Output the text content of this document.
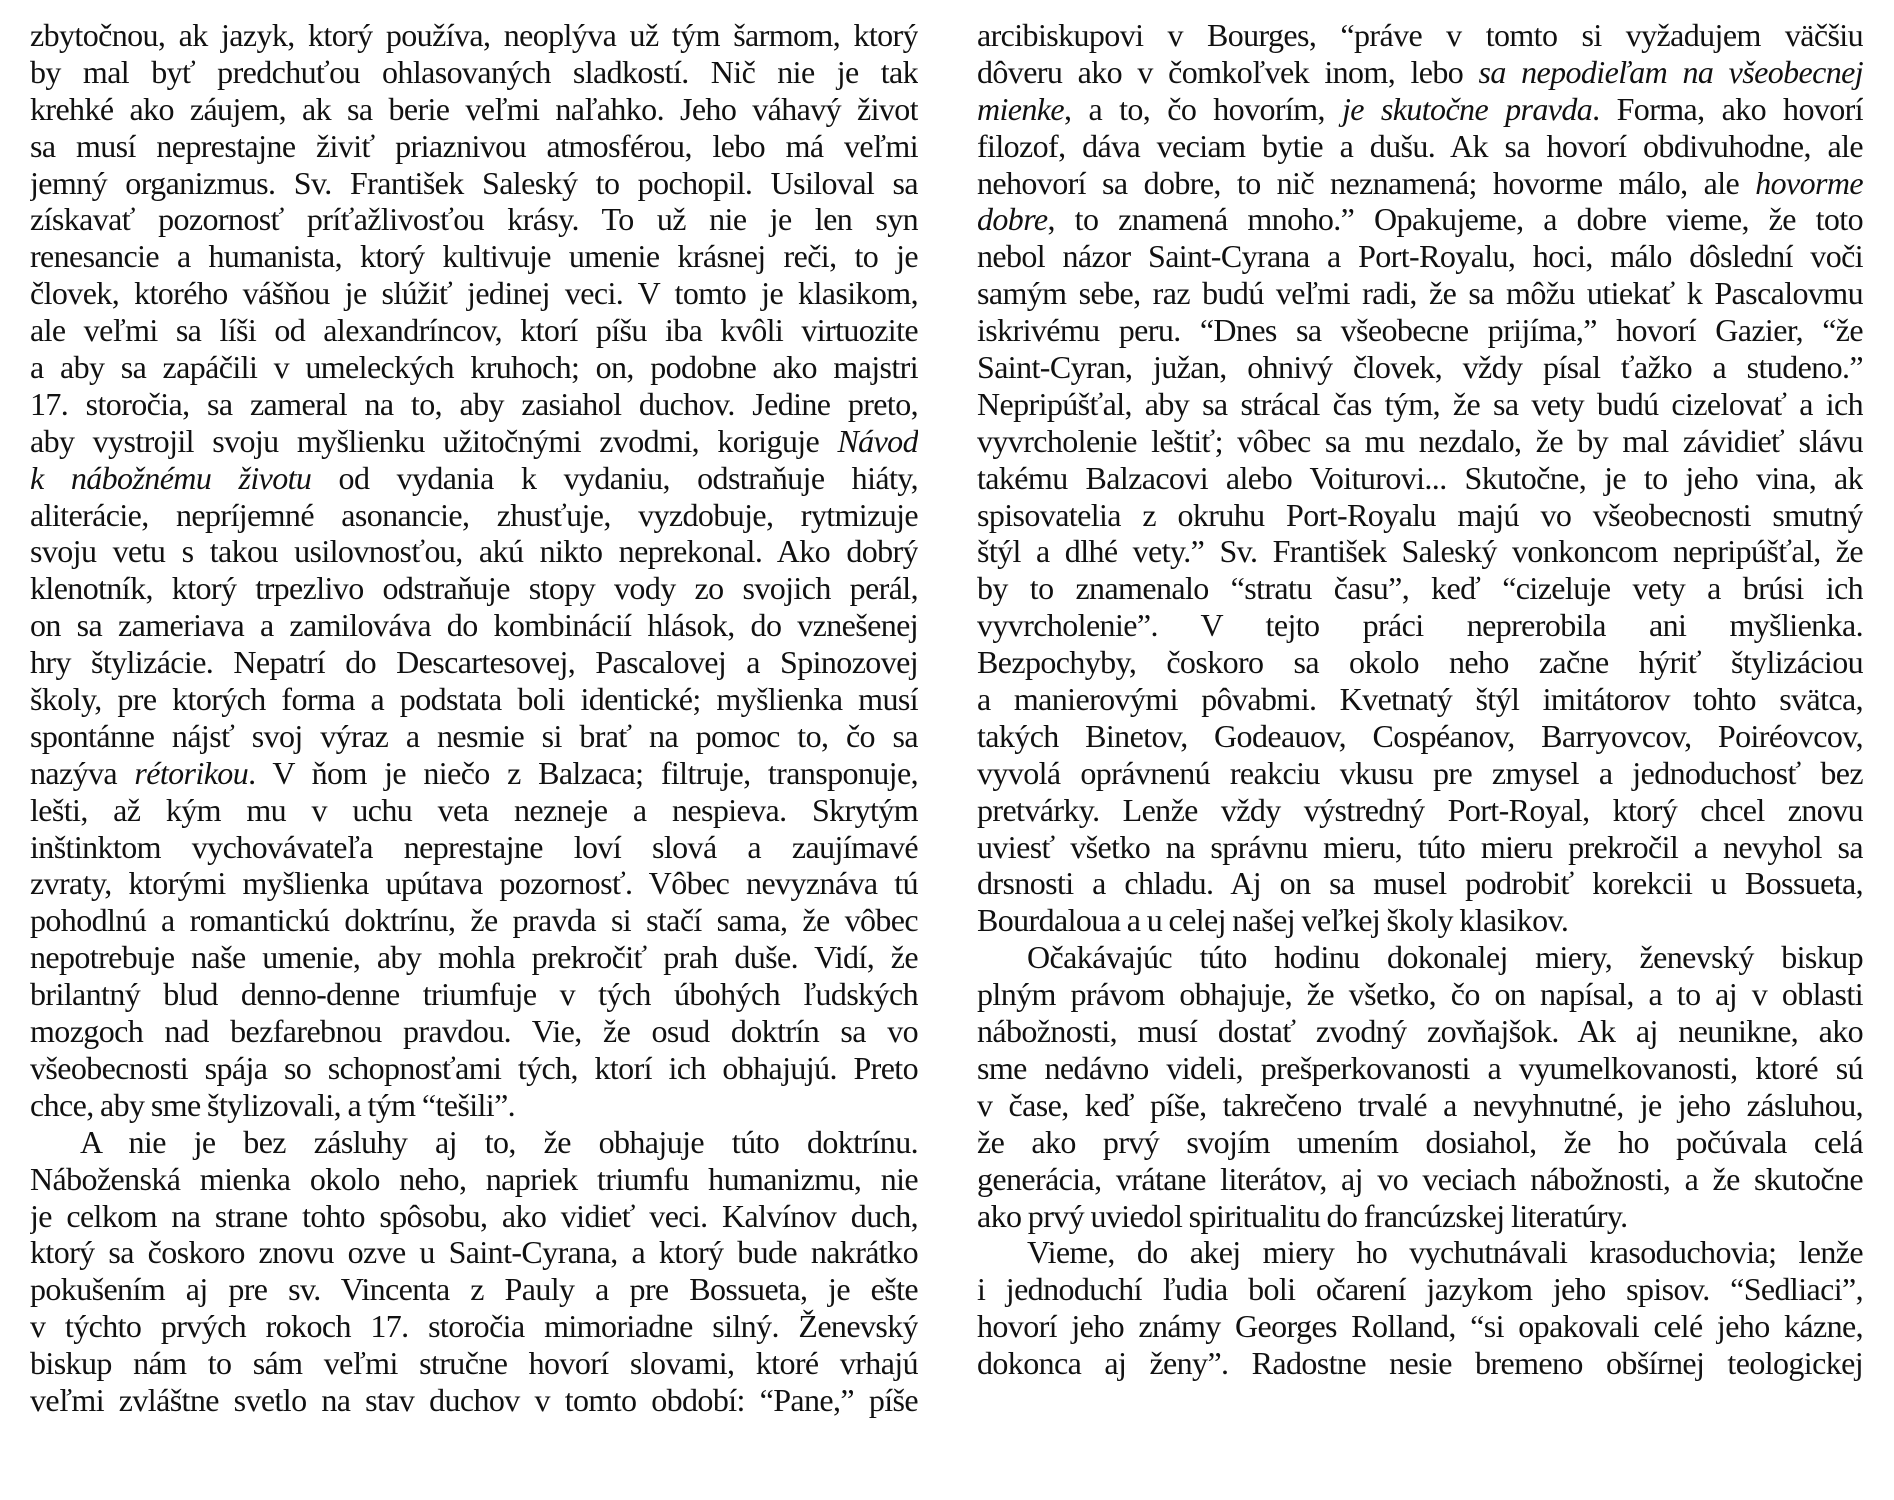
zbytočnou, ak jazyk, ktorý používa, neoplýva už tým šarmom, ktorý
by mal byť predchuťou ohlasovaných sladkostí. Nič nie je tak
krehké ako záujem, ak sa berie veľmi naľahko. Jeho váhavý život
sa musí neprestajne živiť priaznivou atmosférou, lebo má veľmi
jemný organizmus. Sv. František Saleský to pochopil. Usiloval sa
získavať pozornosť príťažlivosťou krásy. To už nie je len syn
renesancie a humanista, ktorý kultivuje umenie krásnej reči, to je
človek, ktorého vášňou je slúžiť jedinej veci. V tomto je klasikom,
ale veľmi sa líši od alexandríncov, ktorí píšu iba kvôli virtuozite
a aby sa zapáčili v umeleckých kruhoch; on, podobne ako majstri
17. storočia, sa zameral na to, aby zasiahol duchov. Jedine preto,
aby vystrojil svoju myšlienku užitočnými zvodmi, koriguje Návod
k nábožnému životu od vydania k vydaniu, odstraňuje hiáty,
aliterácie, nepríjemné asonancie, zhusťuje, vyzdobuje, rytmizuje
svoju vetu s takou usilovnosťou, akú nikto neprekonal. Ako dobrý
klenotník, ktorý trpezlivo odstraňuje stopy vody zo svojich perál,
on sa zameriava a zamilováva do kombinácií hlások, do vznešenej
hry štylizácie. Nepatrí do Descartesovej, Pascalovej a Spinozovej
školy, pre ktorých forma a podstata boli identické; myšlienka musí
spontánne nájsť svoj výraz a nesmie si brať na pomoc to, čo sa
nazýva rétorikou. V ňom je niečo z Balzaca; filtruje, transponuje,
lešti, až kým mu v uchu veta nezneje a nespieva. Skrytým
inštinktom vychovávateľa neprestajne loví slová a zaujímavé
zvraty, ktorými myšlienka upútava pozornosť. Vôbec nevyznáva tú
pohodlnú a romantickú doktrínu, že pravda si stačí sama, že vôbec
nepotrebuje naše umenie, aby mohla prekročiť prah duše. Vidí, že
brilantný blud denno-denne triumfuje v tých úbohých ľudských
mozgoch nad bezfarebnou pravdou. Vie, že osud doktrín sa vo
všeobecnosti spája so schopnosťami tých, ktorí ich obhajujú. Preto
chce, aby sme štylizovali, a tým “tešili”.
A nie je bez zásluhy aj to, že obhajuje túto doktrínu.
Náboženská mienka okolo neho, napriek triumfu humanizmu, nie
je celkom na strane tohto spôsobu, ako vidieť veci. Kalvínov duch,
ktorý sa čoskoro znovu ozve u Saint-Cyrana, a ktorý bude nakrátko
pokušením aj pre sv. Vincenta z Pauly a pre Bossueta, je ešte
v týchto prvých rokoch 17. storočia mimoriadne silný. Ženevský
biskup nám to sám veľmi stručne hovorí slovami, ktoré vrhajú
veľmi zvláštne svetlo na stav duchov v tomto období: “Pane,” píše
arcibiskupovi v Bourges, “práve v tomto si vyžadujem väčšiu
dôveru ako v čomkoľvek inom, lebo sa nepodieľam na všeobecnej
mienke, a to, čo hovorím, je skutočne pravda. Forma, ako hovorí
filozof, dáva veciam bytie a dušu. Ak sa hovorí obdivuhodne, ale
nehovorí sa dobre, to nič neznamená; hovorme málo, ale hovorme
dobre, to znamená mnoho.” Opakujeme, a dobre vieme, že toto
nebol názor Saint-Cyrana a Port-Royalu, hoci, málo dôslední voči
samým sebe, raz budú veľmi radi, že sa môžu utiekať k Pascalovmu
iskrivému peru. “Dnes sa všeobecne prijíma,” hovorí Gazier, “že
Saint-Cyran, južan, ohnivý človek, vždy písal ťažko a studeno.”
Nepripúšťal, aby sa strácal čas tým, že sa vety budú cizelovať a ich
vyvrcholenie leštiť; vôbec sa mu nezdalo, že by mal závidieť slávu
takému Balzacovi alebo Voiturovi... Skutočne, je to jeho vina, ak
spisovatelia z okruhu Port-Royalu majú vo všeobecnosti smutný
štýl a dlhé vety.” Sv. František Saleský vonkoncom nepripúšťal, že
by to znamenalo “stratu času”, keď “cizeluje vety a brúsi ich
vyvrcholenie”. V tejto práci neprerobila ani myšlienka.
Bezpochyby, čoskoro sa okolo neho začne hýriť štylizáciou
a manierovými pôvabmi. Kvetnatý štýl imitátorov tohto svätca,
takých Binetov, Godeauov, Cospéanov, Barryovcov, Poiréovcov,
vyvolá oprávnenú reakciu vkusu pre zmysel a jednoduchosť bez
pretvárky. Lenže vždy výstredný Port-Royal, ktorý chcel znovu
uviesť všetko na správnu mieru, túto mieru prekročil a nevyhol sa
drsnosti a chladu. Aj on sa musel podrobiť korekcii u Bossueta,
Bourdaloua a u celej našej veľkej školy klasikov.
Očakávajúc túto hodinu dokonalej miery, ženevský biskup
plným právom obhajuje, že všetko, čo on napísal, a to aj v oblasti
nábožnosti, musí dostať zvodný zovňajšok. Ak aj neunikne, ako
sme nedávno videli, prešperkovanosti a vyumelkovanosti, ktoré sú
v čase, keď píše, takrečeno trvalé a nevyhnutné, je jeho zásluhou,
že ako prvý svojím umením dosiahol, že ho počúvala celá
generácia, vrátane literátov, aj vo veciach nábožnosti, a že skutočne
ako prvý uviedol spiritualitu do francúzskej literatúry.
Vieme, do akej miery ho vychutnávali krasoduchovia; lenže
i jednoduchí ľudia boli očarení jazykom jeho spisov. “Sedliaci”,
hovorí jeho známy Georges Rolland, “si opakovali celé jeho kázne,
dokonca aj ženy”. Radostne nesie bremeno obšírnej teologickej
